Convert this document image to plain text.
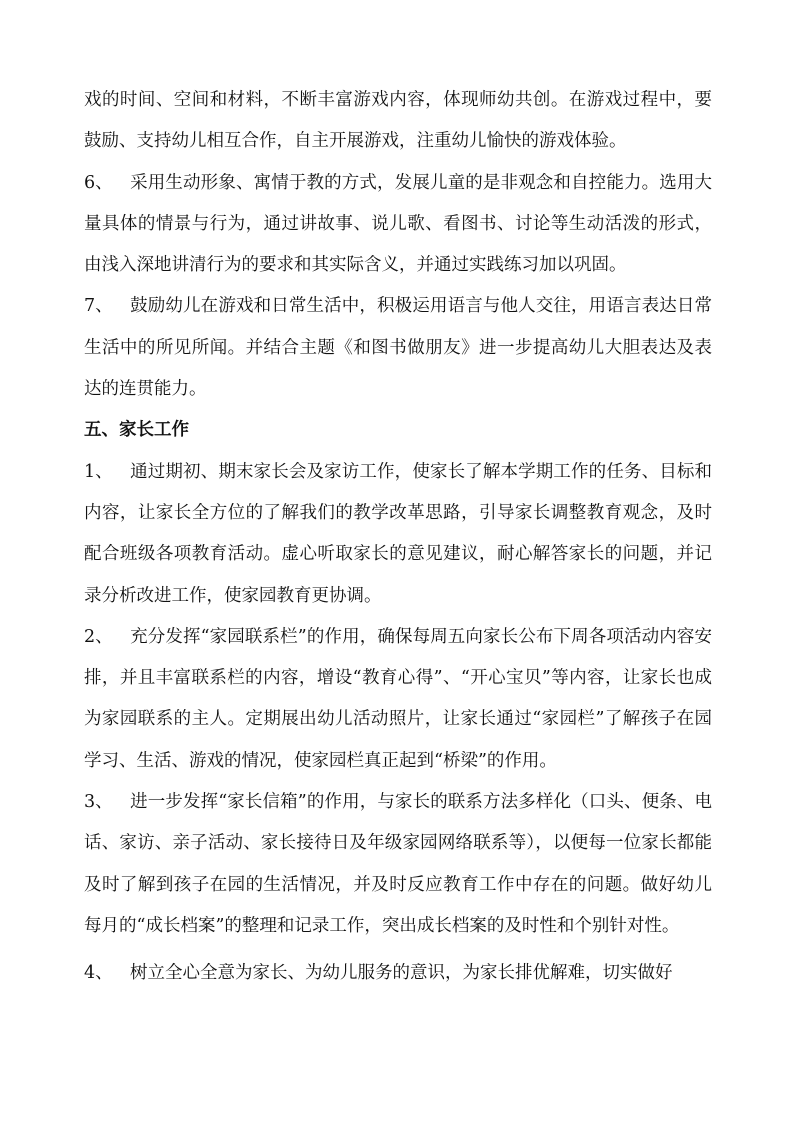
戏的时间、空间和材料，不断丰富游戏内容，体现师幼共创。在游戏过程中，要鼓励、支持幼儿相互合作，自主开展游戏，注重幼儿愉快的游戏体验。

6、 采用生动形象、寓情于教的方式，发展儿童的是非观念和自控能力。选用大量具体的情景与行为，通过讲故事、说儿歌、看图书、讨论等生动活泼的形式，由浅入深地讲清行为的要求和其实际含义，并通过实践练习加以巩固。

7、 鼓励幼儿在游戏和日常生活中，积极运用语言与他人交往，用语言表达日常生活中的所见所闻。并结合主题《和图书做朋友》进一步提高幼儿大胆表达及表达的连贯能力。

五、家长工作

1、 通过期初、期末家长会及家访工作，使家长了解本学期工作的任务、目标和内容，让家长全方位的了解我们的教学改革思路，引导家长调整教育观念，及时配合班级各项教育活动。虚心听取家长的意见建议，耐心解答家长的问题，并记录分析改进工作，使家园教育更协调。

2、 充分发挥“家园联系栏”的作用，确保每周五向家长公布下周各项活动内容安排，并且丰富联系栏的内容，增设“教育心得”、“开心宝贝”等内容，让家长也成为家园联系的主人。定期展出幼儿活动照片，让家长通过“家园栏”了解孩子在园学习、生活、游戏的情况，使家园栏真正起到“桥梁”的作用。

3、 进一步发挥“家长信箱”的作用，与家长的联系方法多样化（口头、便条、电话、家访、亲子活动、家长接待日及年级家园网络联系等），以便每一位家长都能及时了解到孩子在园的生活情况，并及时反应教育工作中存在的问题。做好幼儿每月的“成长档案”的整理和记录工作，突出成长档案的及时性和个别针对性。

4、 树立全心全意为家长、为幼儿服务的意识，为家长排优解难，切实做好
